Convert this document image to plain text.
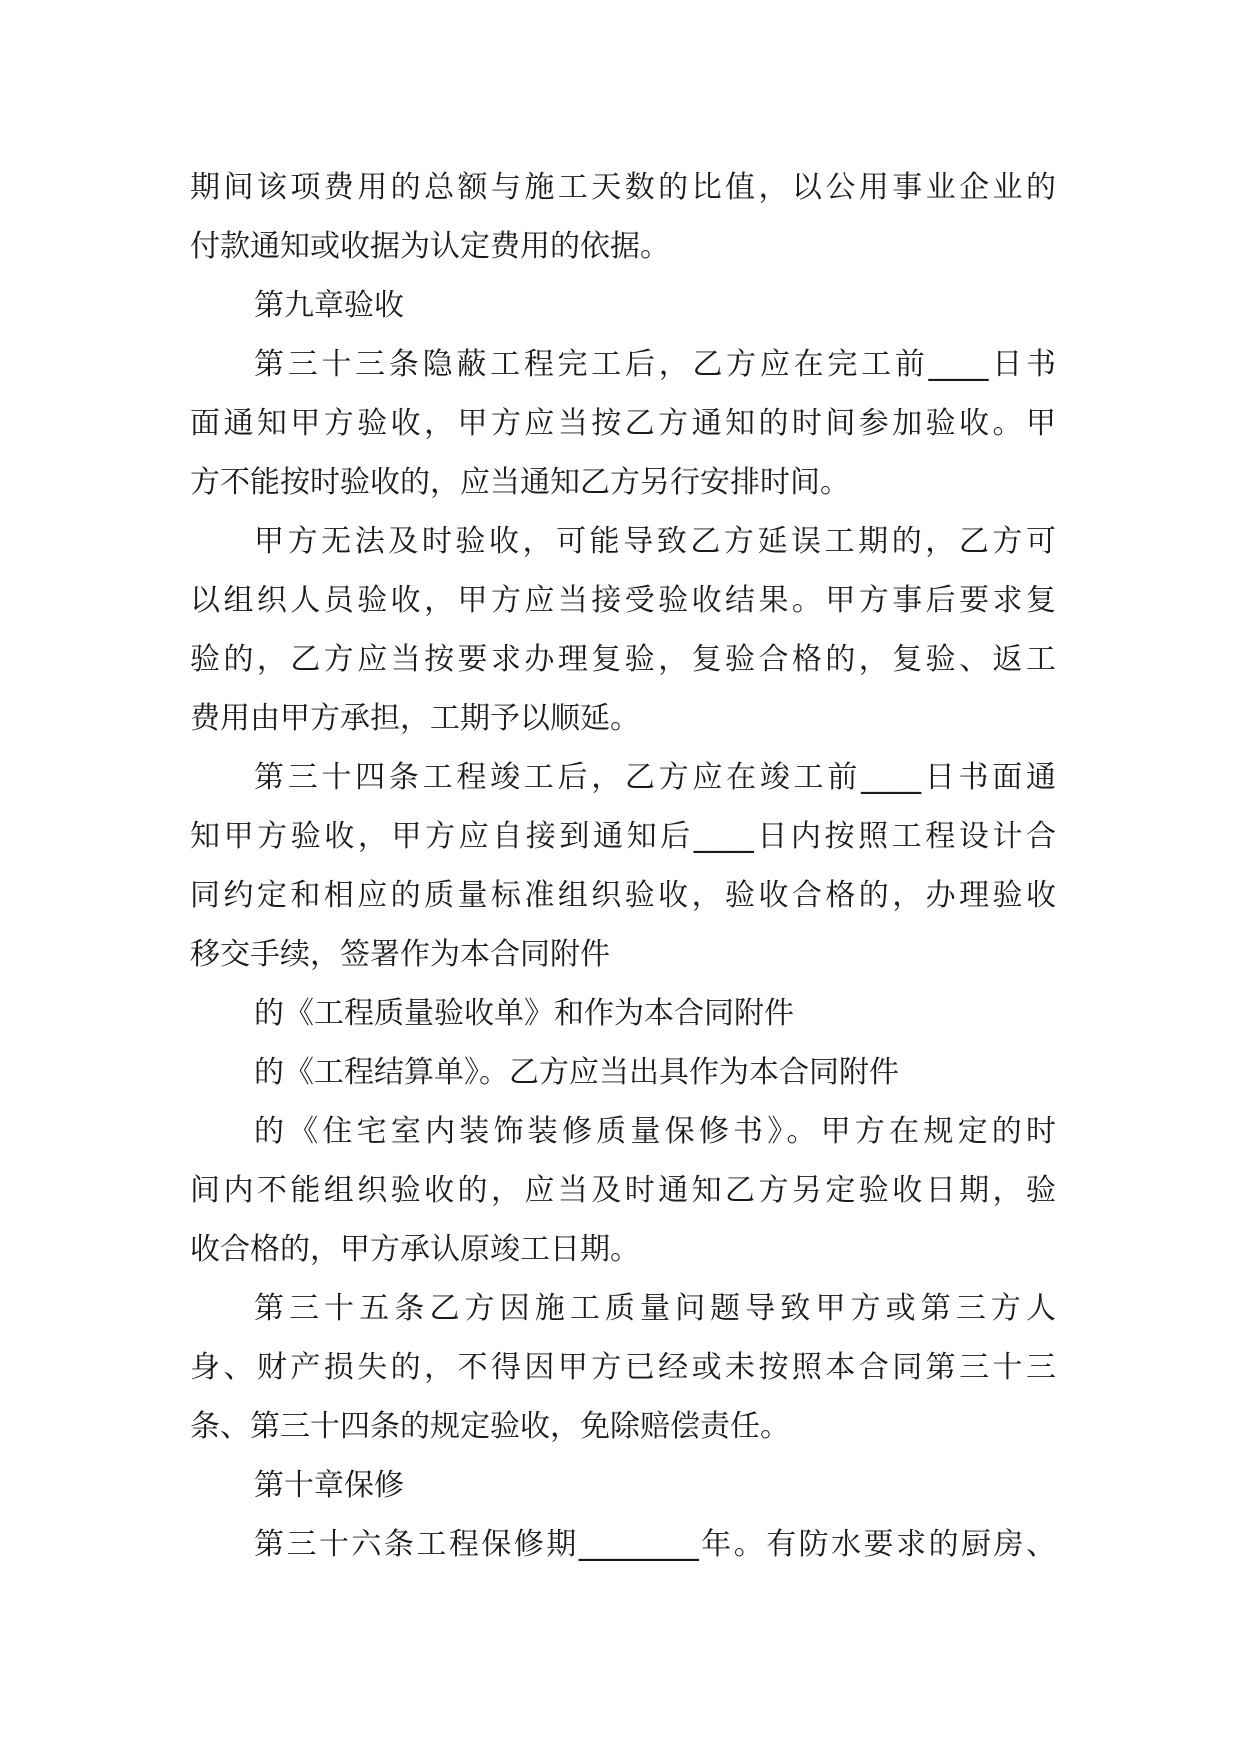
期间该项费用的总额与施工天数的比值，以公用事业企业的
付款通知或收据为认定费用的依据。
第九章验收
第三十三条隐蔽工程完工后，乙方应在完工前____日书
面通知甲方验收，甲方应当按乙方通知的时间参加验收。甲
方不能按时验收的，应当通知乙方另行安排时间。
甲方无法及时验收，可能导致乙方延误工期的，乙方可
以组织人员验收，甲方应当接受验收结果。甲方事后要求复
验的，乙方应当按要求办理复验，复验合格的，复验、返工
费用由甲方承担，工期予以顺延。
第三十四条工程竣工后，乙方应在竣工前____日书面通
知甲方验收，甲方应自接到通知后____日内按照工程设计合
同约定和相应的质量标准组织验收，验收合格的，办理验收
移交手续，签署作为本合同附件
的《工程质量验收单》和作为本合同附件
的《工程结算单》。乙方应当出具作为本合同附件
的《住宅室内装饰装修质量保修书》。甲方在规定的时
间内不能组织验收的，应当及时通知乙方另定验收日期，验
收合格的，甲方承认原竣工日期。
第三十五条乙方因施工质量问题导致甲方或第三方人
身、财产损失的，不得因甲方已经或未按照本合同第三十三
条、第三十四条的规定验收，免除赔偿责任。
第十章保修
第三十六条工程保修期________年。有防水要求的厨房、
